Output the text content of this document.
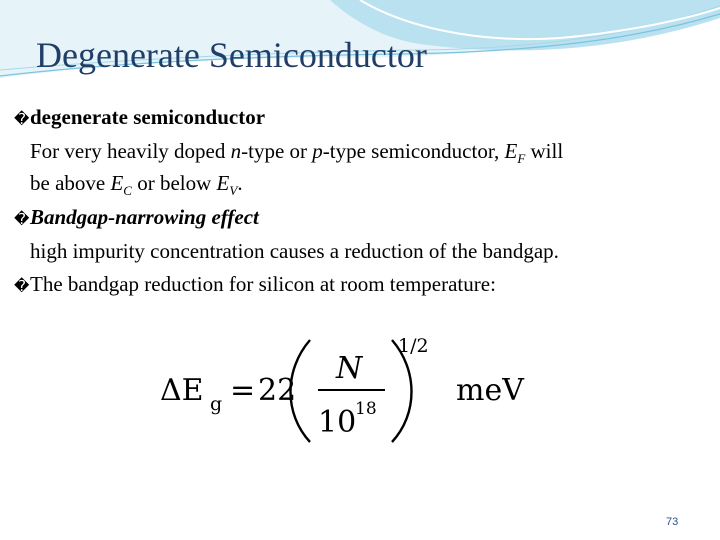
Degenerate Semiconductor
�degenerate semiconductor
For very heavily doped n-type or p-type semiconductor, $E_F$ will
be above $E_C$ or below $E_V$.
�Bandgap-narrowing effect
high impurity concentration causes a reduction of the bandgap.
�The bandgap reduction for silicon at room temperature:
ΔE g = 22
N
10
18
1/2
meV
73
